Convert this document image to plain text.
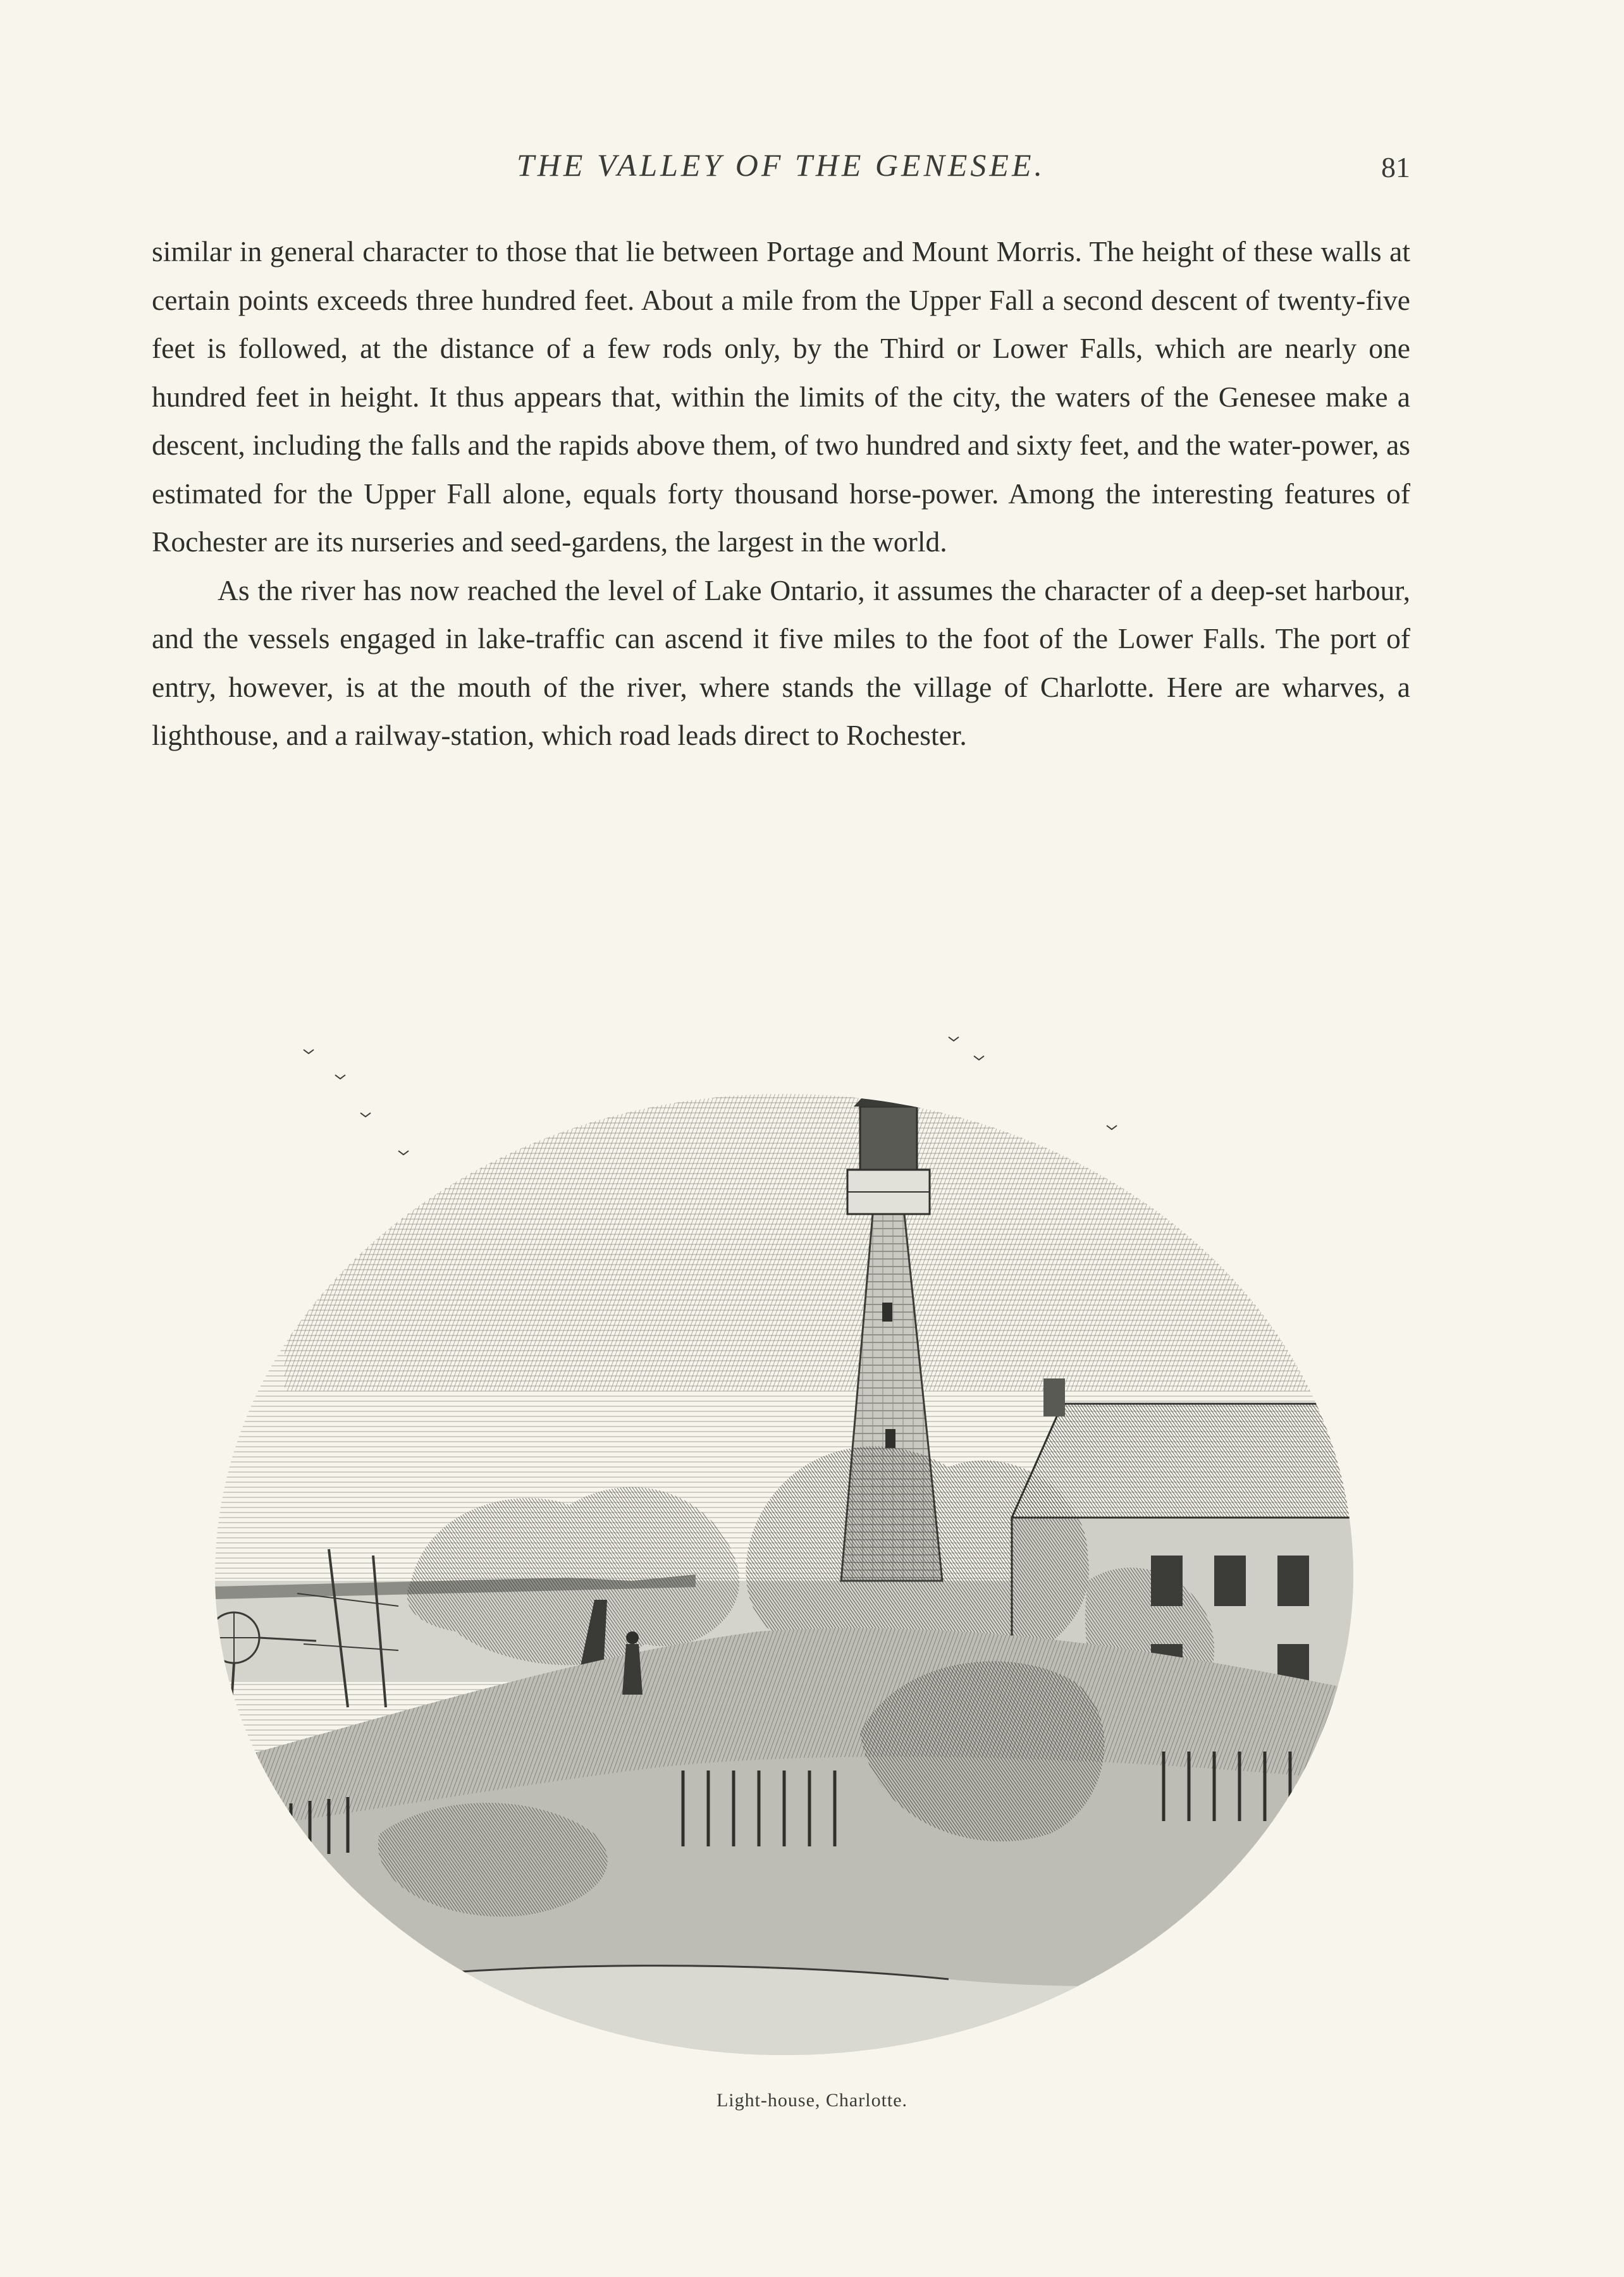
THE VALLEY OF THE GENESEE.	81

similar in general character to those that lie between Portage and Mount Morris. The height of these walls at certain points exceeds three hundred feet. About a mile from the Upper Fall a second descent of twenty-five feet is followed, at the distance of a few rods only, by the Third or Lower Falls, which are nearly one hundred feet in height. It thus appears that, within the limits of the city, the waters of the Genesee make a descent, including the falls and the rapids above them, of two hundred and sixty feet, and the water-power, as estimated for the Upper Fall alone, equals forty thousand horse-power. Among the interesting features of Rochester are its nurseries and seed-gardens, the largest in the world.

As the river has now reached the level of Lake Ontario, it assumes the character of a deep-set harbour, and the vessels engaged in lake-traffic can ascend it five miles to the foot of the Lower Falls. The port of entry, however, is at the mouth of the river, where stands the village of Charlotte. Here are wharves, a lighthouse, and a railway-station, which road leads direct to Rochester.

Light-house, Charlotte.
